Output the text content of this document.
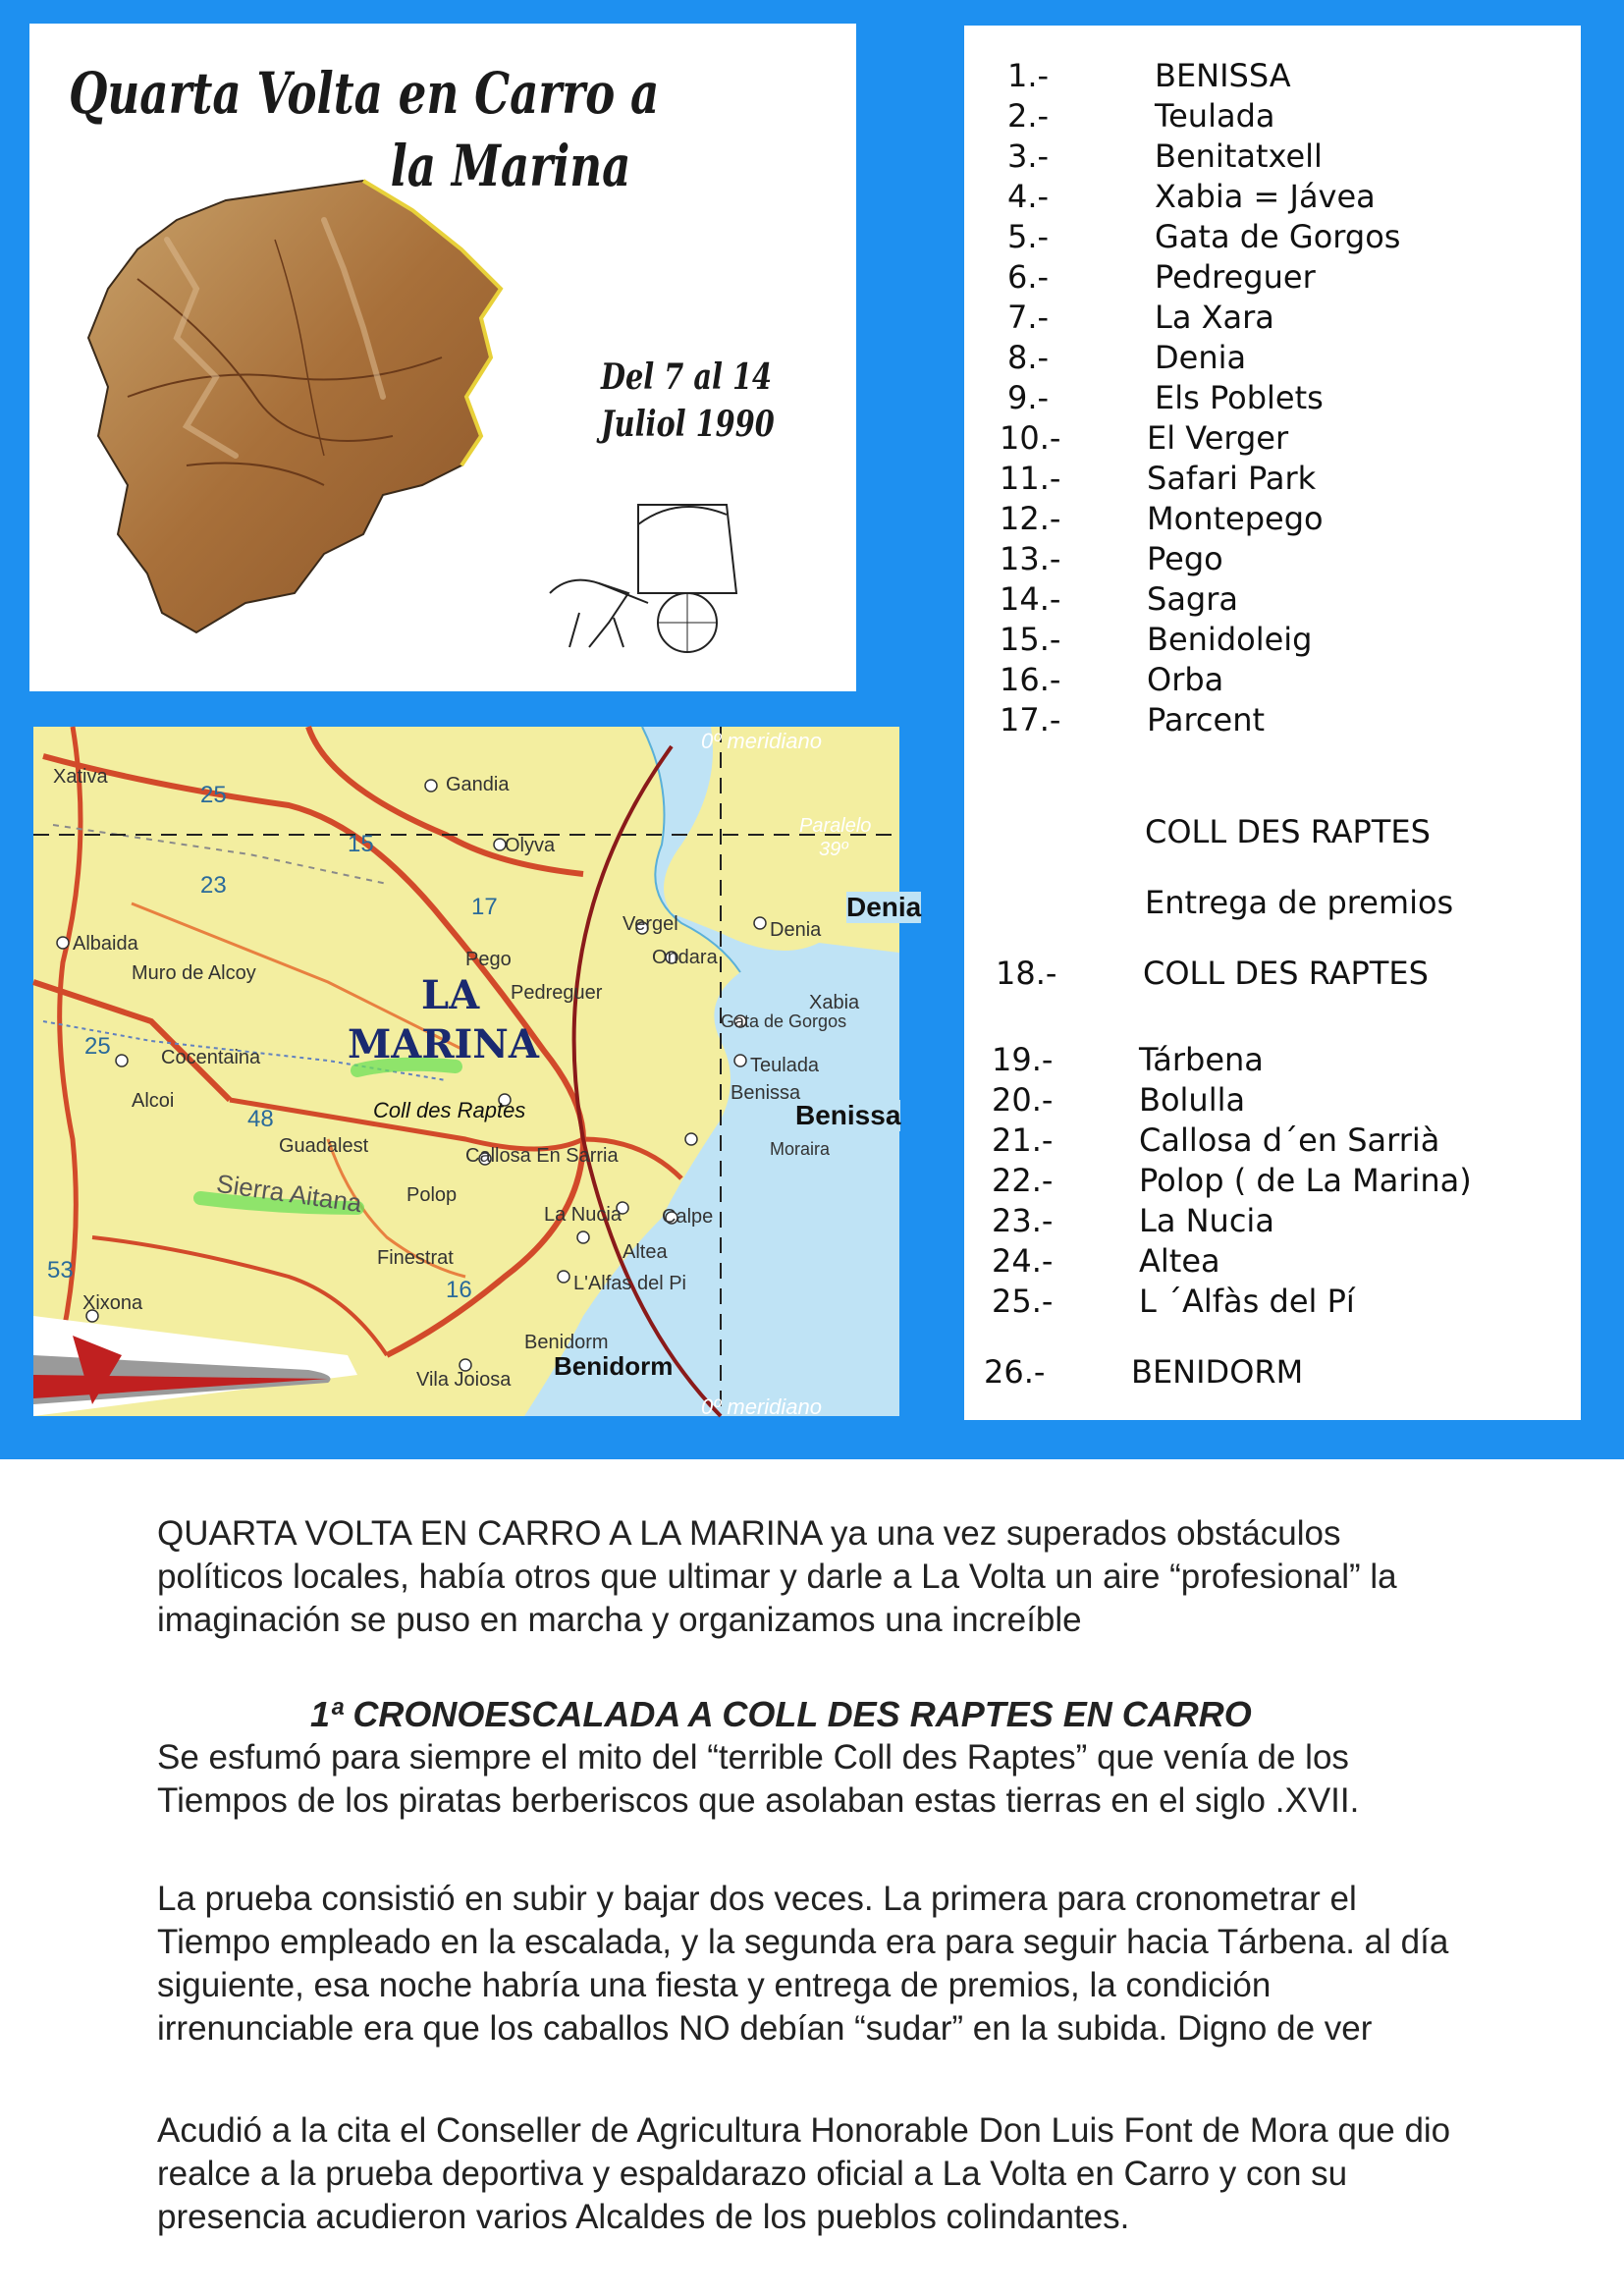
Quarta Volta en Carro a
la Marina
Del 7 al 14
Juliol 1990
0º meridiano
Paralelo
39º
0º meridiano
LA
MARINA
Coll des Raptes
Sierra Aitana
Denia
Benissa
Benidorm
Xativa	Gandia
Olyva
Albaida
Muro de Alcoy
Cocentaina
Alcoi
Pego
Pedreguer
Vergel
Ondara
Denia
Xabia
Gata de Gorgos
Teulada
Benissa
Moraira
Guadalest	Callosa En Sarria
Polop
La Nucia Calpe
Altea
Finestrat
L'Alfas del Pi
Benidorm
Vila Joiosa
Xixona
25
15
23
17
25
48
53
16
1.-	BENISSA
2.-	Teulada
3.-	Benitatxell
4.-	Xabia = Jávea
5.-	Gata de Gorgos
6.-	Pedreguer
7.-	La Xara
8.-	Denia
9.-	Els Poblets
10.-	El Verger
11.-	Safari Park
12.-	Montepego
13.-	Pego
14.-	Sagra
15.-	Benidoleig
16.-	Orba
17.-	Parcent
COLL DES RAPTES
Entrega de premios
18.-	COLL DES RAPTES
19.-	Tárbena
20.-	Bolulla
21.-	Callosa d´en Sarrià
22.-	Polop ( de La Marina)
23.-	La Nucia
24.-	Altea
25.-	L ´Alfàs del Pí
26.-	BENIDORM

QUARTA VOLTA EN CARRO A LA MARINA ya una vez superados obstáculos políticos locales, había otros que ultimar y darle a La Volta un aire “profesional” la imaginación se puso en marcha y organizamos una increíble

1ª CRONOESCALADA A COLL DES RAPTES EN CARRO

Se esfumó para siempre el mito del “terrible Coll des Raptes” que venía de los Tiempos de los piratas berberiscos que asolaban estas tierras en el siglo .XVII.

La prueba consistió en subir y bajar dos veces. La primera para cronometrar el Tiempo empleado en la escalada, y la segunda era para seguir hacia Tárbena. al día siguiente, esa noche habría una fiesta y entrega de premios, la condición irrenunciable era que los caballos NO debían “sudar” en la subida. Digno de ver

Acudió a la cita el Conseller de Agricultura Honorable Don Luis Font de Mora que dio realce a la prueba deportiva y espaldarazo oficial a La Volta en Carro y con su presencia acudieron varios Alcaldes de los pueblos colindantes.
